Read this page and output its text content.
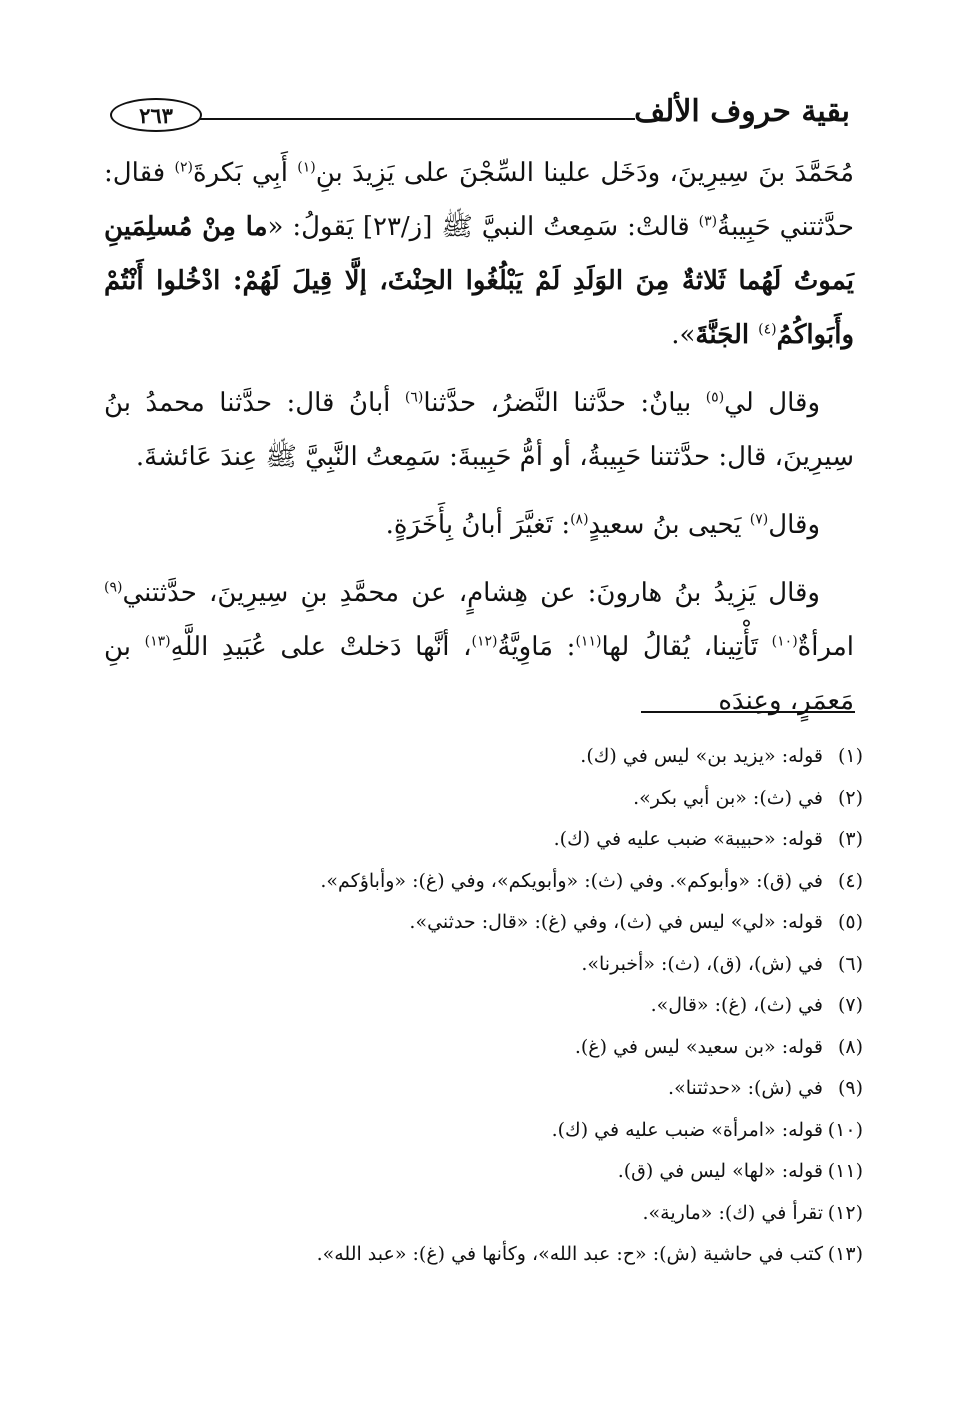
بقية حروف الألف
٢٦٣

مُحَمَّدَ بنَ سِيرِينَ، ودَخَل علينا السِّجْنَ على يَزِيدَ بنِ$^{(١)}$ أَبِي بَكرةَ$^{(٢)}$ فقال: حدَّثتني حَبِيبةُ$^{(٣)}$ قالتْ: سَمِعتُ النبيَّ ﷺ [ز/٢٣] يَقولُ: «ما مِنْ مُسلِمَينِ يَموتُ لَهُما ثَلاثةٌ مِنَ الوَلَدِ لَمْ يَبْلُغُوا الحِنْثَ، إلَّا قِيلَ لَهُمْ: ادْخُلوا أَنْتُمْ وأَبَواكُمُ$^{(٤)}$ الجَنَّةَ».

وقال لي$^{(٥)}$ بيانٌ: حدَّثنا النَّضرُ، حدَّثنا$^{(٦)}$ أبانُ قال: حدَّثنا محمدُ بنُ سِيرِينَ، قال: حدَّثتنا حَبِيبةُ، أو أمُّ حَبِيبةَ: سَمِعتُ النَّبِيَّ ﷺ عِندَ عَائشةَ.

وقال$^{(٧)}$ يَحيى بنُ سعيدٍ$^{(٨)}$: تَغيَّرَ أبانُ بِأَخَرَةٍ.

وقال يَزِيدُ بنُ هارونَ: عن هِشامٍ، عن محمَّدِ بنِ سِيرِينَ، حدَّثتني$^{(٩)}$ امرأةٌ$^{(١٠)}$ تَأْتِينا، يُقالُ لها$^{(١١)}$: مَاوِيَّةُ$^{(١٢)}$، أنَّها دَخلتْ على عُبَيدِ اللَّهِ$^{(١٣)}$ بنِ مَعمَرٍ، وعِندَه

(١)قوله: «يزيد بن» ليس في (ك).
(٢)في (ث): «بن أبي بكر».
(٣)قوله: «حبيبة» ضبب عليه في (ك).
(٤)في (ق): «وأبوكم». وفي (ث): «وأبويكم»، وفي (غ): «وأباؤكم».
(٥)قوله: «لي» ليس في (ث)، وفي (غ): «قال: حدثني».
(٦)في (ش)، (ق)، (ث): «أخبرنا».
(٧)في (ث)، (غ): «قال».
(٨)قوله: «بن سعيد» ليس في (غ).
(٩)في (ش): «حدثتنا».
(١٠)قوله: «امرأة» ضبب عليه في (ك).
(١١)قوله: «لها» ليس في (ق).
(١٢)تقرأ في (ك): «مارية».
(١٣)كتب في حاشية (ش): «ح: عبد الله»، وكأنها في (غ): «عبد الله».
